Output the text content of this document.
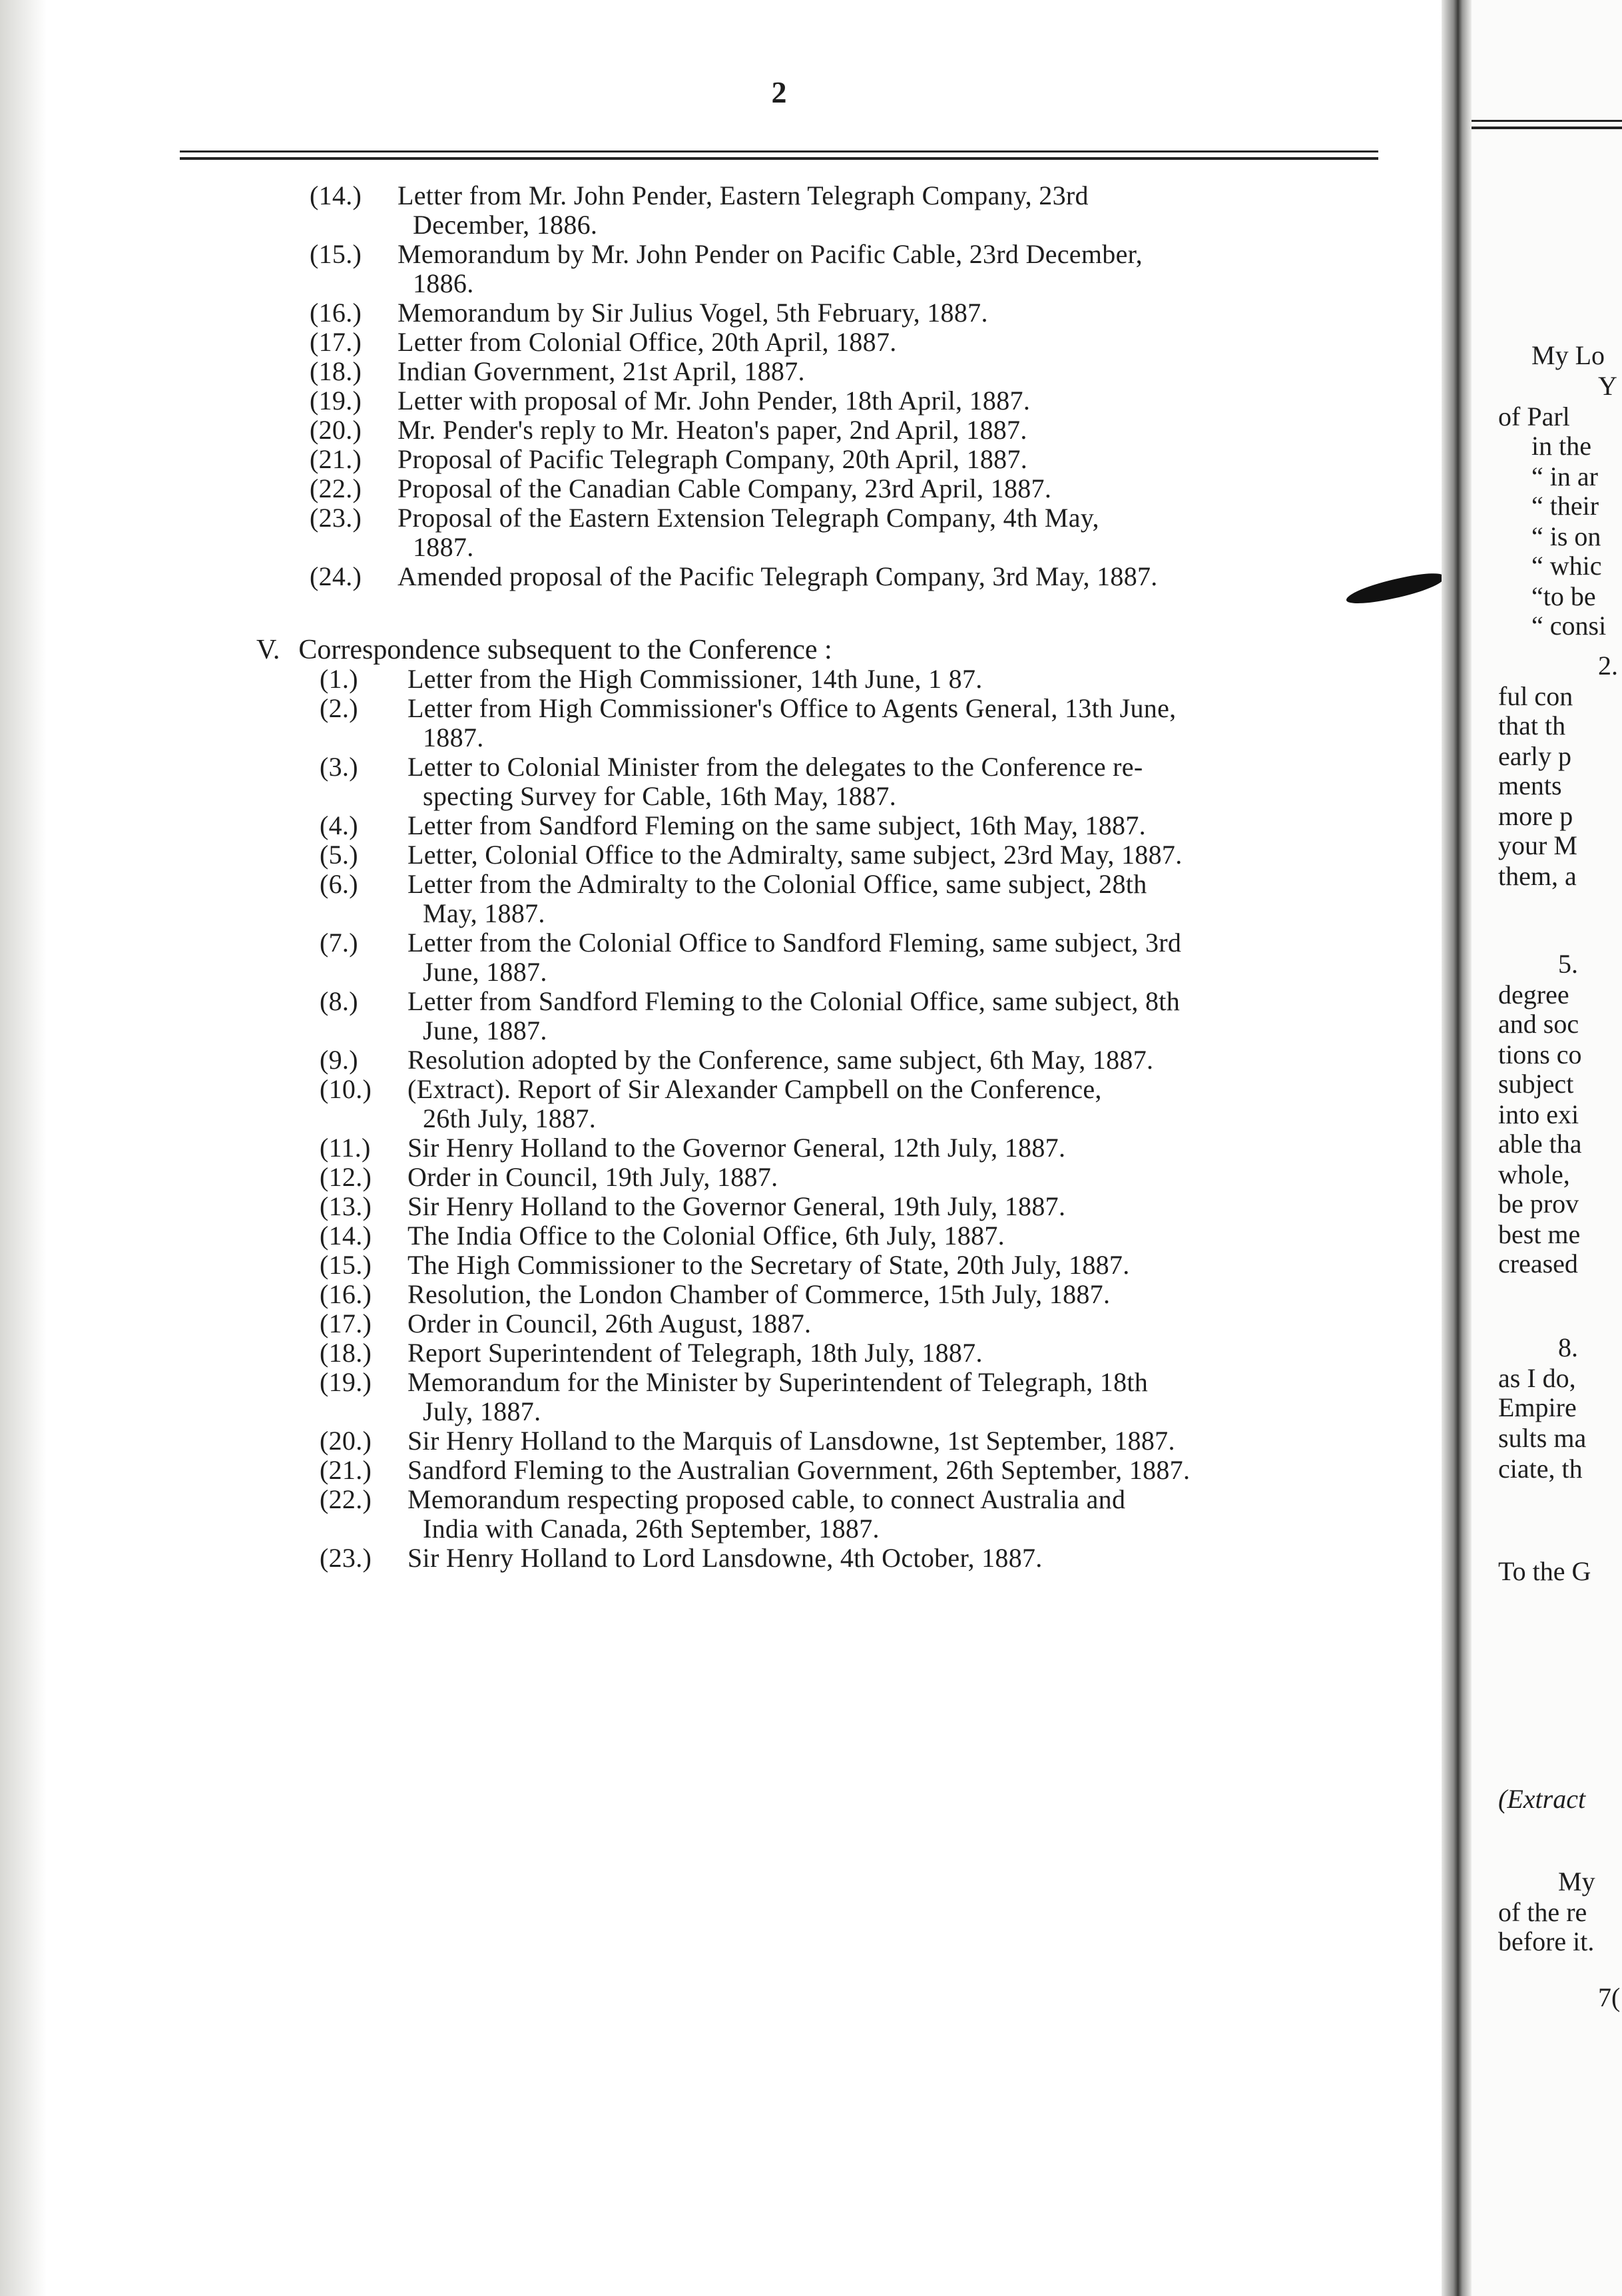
2
(14.) Letter from Mr. John Pender, Eastern Telegraph Company, 23rd
December, 1886.
(15.) Memorandum by Mr. John Pender on Pacific Cable, 23rd December,
1886.
(16.) Memorandum by Sir Julius Vogel, 5th February, 1887.
(17.) Letter from Colonial Office, 20th April, 1887.
(18.) Indian Government, 21st April, 1887.
(19.) Letter with proposal of Mr. John Pender, 18th April, 1887.
(20.) Mr. Pender's reply to Mr. Heaton's paper, 2nd April, 1887.
(21.) Proposal of Pacific Telegraph Company, 20th April, 1887.
(22.) Proposal of the Canadian Cable Company, 23rd April, 1887.
(23.) Proposal of the Eastern Extension Telegraph Company, 4th May,
1887.
(24.) Amended proposal of the Pacific Telegraph Company, 3rd May, 1887.
(1.) Letter from the High Commissioner, 14th June, 1 87.
(2.) Letter from High Commissioner's Office to Agents General, 13th June,
1887.
(3.) Letter to Colonial Minister from the delegates to the Conference re-
specting Survey for Cable, 16th May, 1887.
(4.) Letter from Sandford Fleming on the same subject, 16th May, 1887.
(5.) Letter, Colonial Office to the Admiralty, same subject, 23rd May, 1887.
(6.) Letter from the Admiralty to the Colonial Office, same subject, 28th
May, 1887.
(7.) Letter from the Colonial Office to Sandford Fleming, same subject, 3rd
June, 1887.
(8.) Letter from Sandford Fleming to the Colonial Office, same subject, 8th
June, 1887.
(9.) Resolution adopted by the Conference, same subject, 6th May, 1887.
(10.) (Extract). Report of Sir Alexander Campbell on the Conference,
26th July, 1887.
(11.) Sir Henry Holland to the Governor General, 12th July, 1887.
(12.) Order in Council, 19th July, 1887.
(13.) Sir Henry Holland to the Governor General, 19th July, 1887.
(14.) The India Office to the Colonial Office, 6th July, 1887.
(15.) The High Commissioner to the Secretary of State, 20th July, 1887.
(16.) Resolution, the London Chamber of Commerce, 15th July, 1887.
(17.) Order in Council, 26th August, 1887.
(18.) Report Superintendent of Telegraph, 18th July, 1887.
(19.) Memorandum for the Minister by Superintendent of Telegraph, 18th
July, 1887.
(20.) Sir Henry Holland to the Marquis of Lansdowne, 1st September, 1887.
(21.) Sandford Fleming to the Australian Government, 26th September, 1887.
(22.) Memorandum respecting proposed cable, to connect Australia and
India with Canada, 26th September, 1887.
(23.) Sir Henry Holland to Lord Lansdowne, 4th October, 1887.
V. Correspondence subsequent to the Conference :
My Lo
Y
of Parl
in the
“ in ar
“ their
“ is on
“ whic
“to be
“ consi
2.
ful con
that th
early p
ments
more p
your M
them, a
5.
degree
and soc
tions co
subject
into exi
able tha
whole,
be prov
best me
creased
8.
as I do,
Empire
sults ma
ciate, th
To the G
(Extract
My
of the re
before it.
7(
